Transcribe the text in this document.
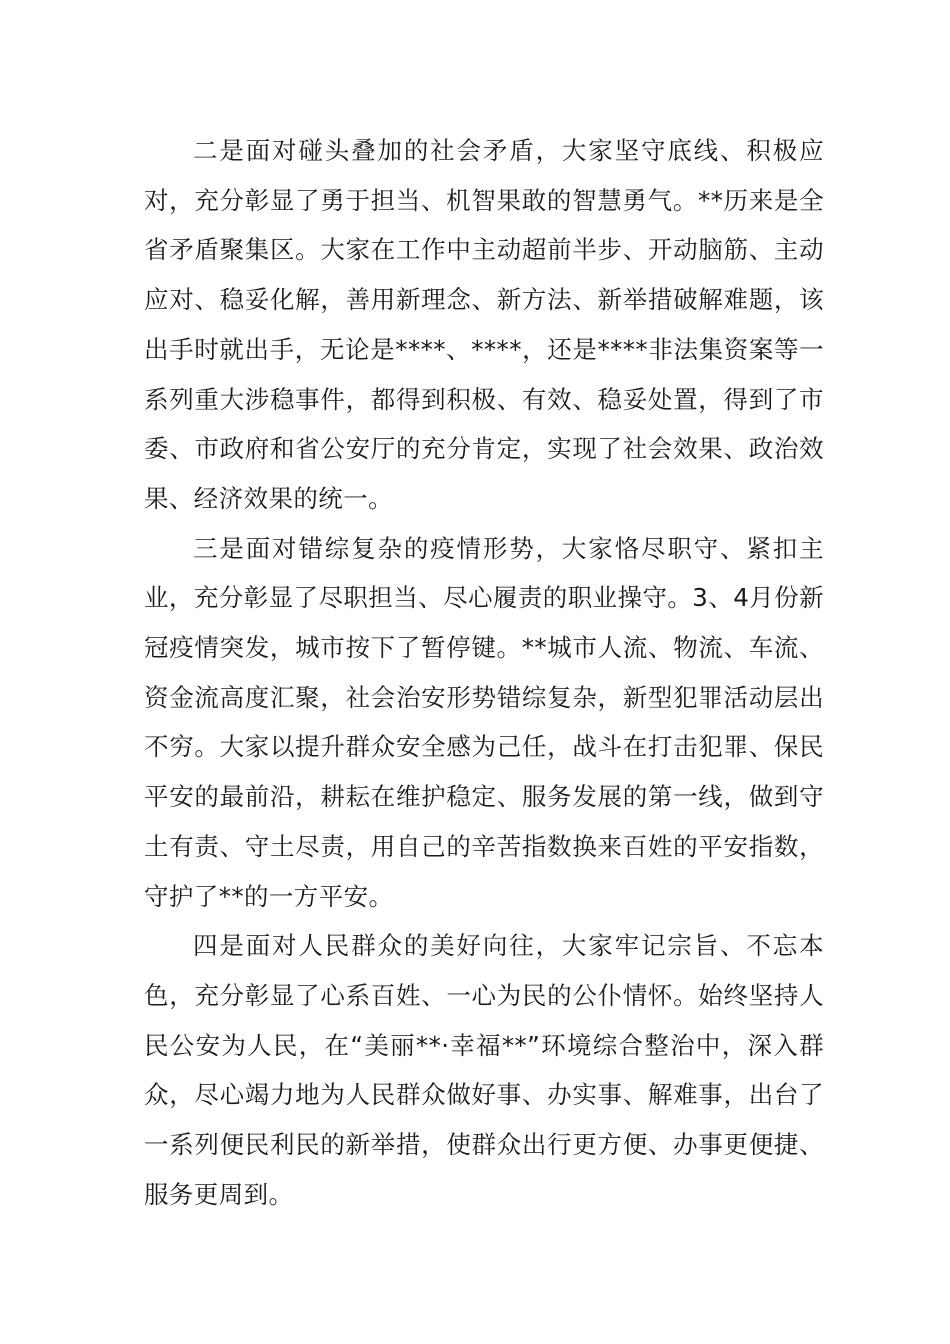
二是面对碰头叠加的社会矛盾，大家坚守底线、积极应对，充分彰显了勇于担当、机智果敢的智慧勇气。**历来是全省矛盾聚集区。大家在工作中主动超前半步、开动脑筋、主动应对、稳妥化解，善用新理念、新方法、新举措破解难题，该出手时就出手，无论是****、****，还是****非法集资案等一系列重大涉稳事件，都得到积极、有效、稳妥处置，得到了市委、市政府和省公安厅的充分肯定，实现了社会效果、政治效果、经济效果的统一。

三是面对错综复杂的疫情形势，大家恪尽职守、紧扣主业，充分彰显了尽职担当、尽心履责的职业操守。3、4月份新冠疫情突发，城市按下了暂停键。**城市人流、物流、车流、资金流高度汇聚，社会治安形势错综复杂，新型犯罪活动层出不穷。大家以提升群众安全感为己任，战斗在打击犯罪、保民平安的最前沿，耕耘在维护稳定、服务发展的第一线，做到守土有责、守土尽责，用自己的辛苦指数换来百姓的平安指数，守护了**的一方平安。

四是面对人民群众的美好向往，大家牢记宗旨、不忘本色，充分彰显了心系百姓、一心为民的公仆情怀。始终坚持人民公安为人民，在“美丽**·幸福**”环境综合整治中，深入群众，尽心竭力地为人民群众做好事、办实事、解难事，出台了一系列便民利民的新举措，使群众出行更方便、办事更便捷、服务更周到。
